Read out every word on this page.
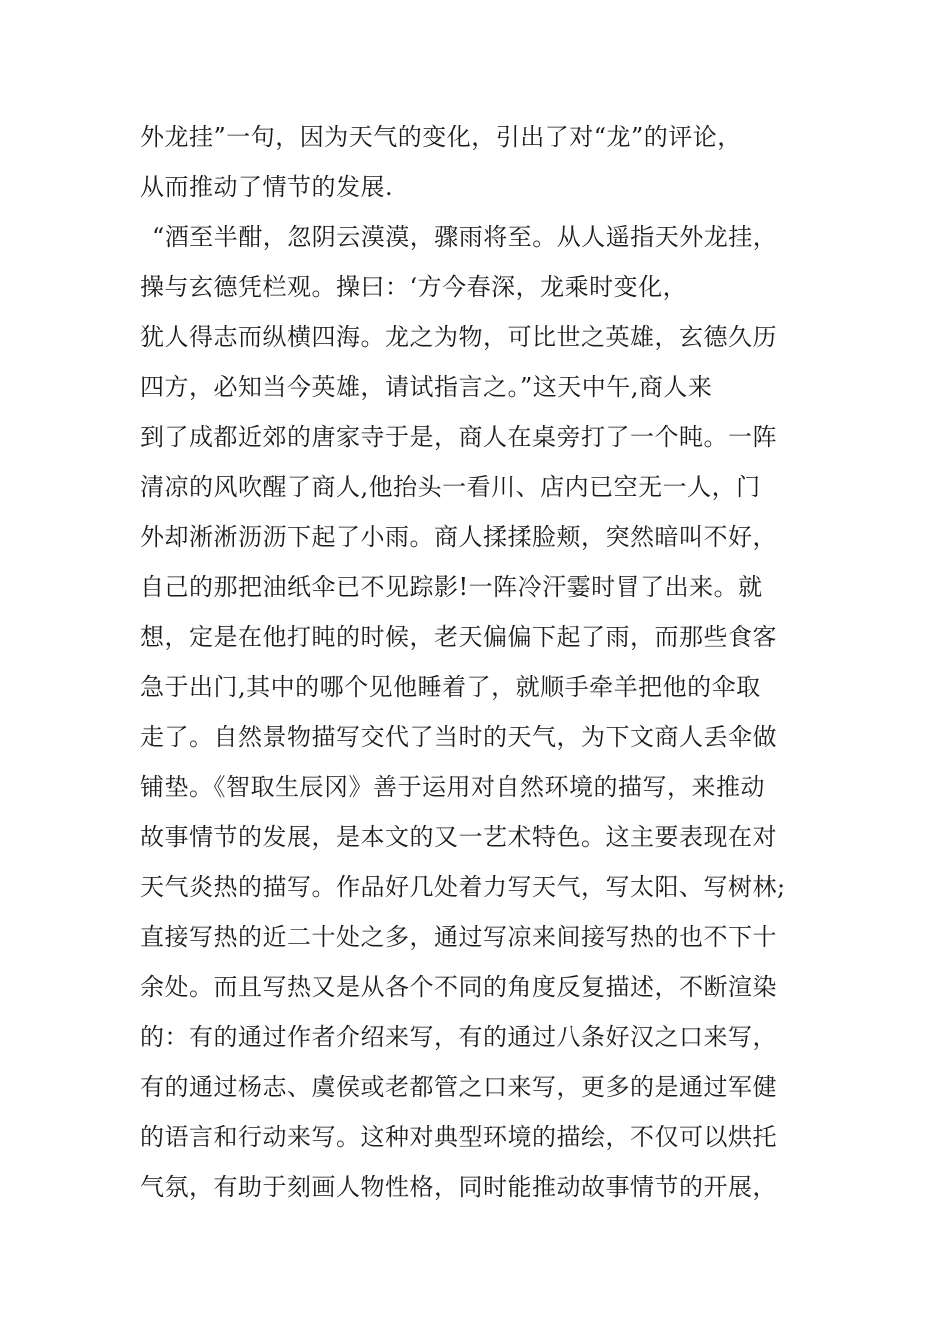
外龙挂”一句，因为天气的变化，引出了对“龙”的评论，
从而推动了情节的发展.
“酒至半酣，忽阴云漠漠，骤雨将至。从人遥指天外龙挂，
操与玄德凭栏观。操曰：‘方今春深，龙乘时变化，
犹人得志而纵横四海。龙之为物，可比世之英雄，玄德久历
四方，必知当今英雄，请试指言之。”这天中午,商人来
到了成都近郊的唐家寺于是，商人在桌旁打了一个盹。一阵
清凉的风吹醒了商人,他抬头一看川、店内已空无一人，门
外却淅淅沥沥下起了小雨。商人揉揉脸颊，突然暗叫不好，
自己的那把油纸伞已不见踪影!一阵冷汗霎时冒了出来。就
想，定是在他打盹的时候，老天偏偏下起了雨，而那些食客
急于出门,其中的哪个见他睡着了，就顺手牵羊把他的伞取
走了。自然景物描写交代了当时的天气，为下文商人丢伞做
铺垫。《智取生辰冈》善于运用对自然环境的描写，来推动
故事情节的发展，是本文的又一艺术特色。这主要表现在对
天气炎热的描写。作品好几处着力写天气，写太阳、写树林;
直接写热的近二十处之多，通过写凉来间接写热的也不下十
余处。而且写热又是从各个不同的角度反复描述，不断渲染
的：有的通过作者介绍来写，有的通过八条好汉之口来写，
有的通过杨志、虞侯或老都管之口来写，更多的是通过军健
的语言和行动来写。这种对典型环境的描绘，不仅可以烘托
气氛，有助于刻画人物性格，同时能推动故事情节的开展，
